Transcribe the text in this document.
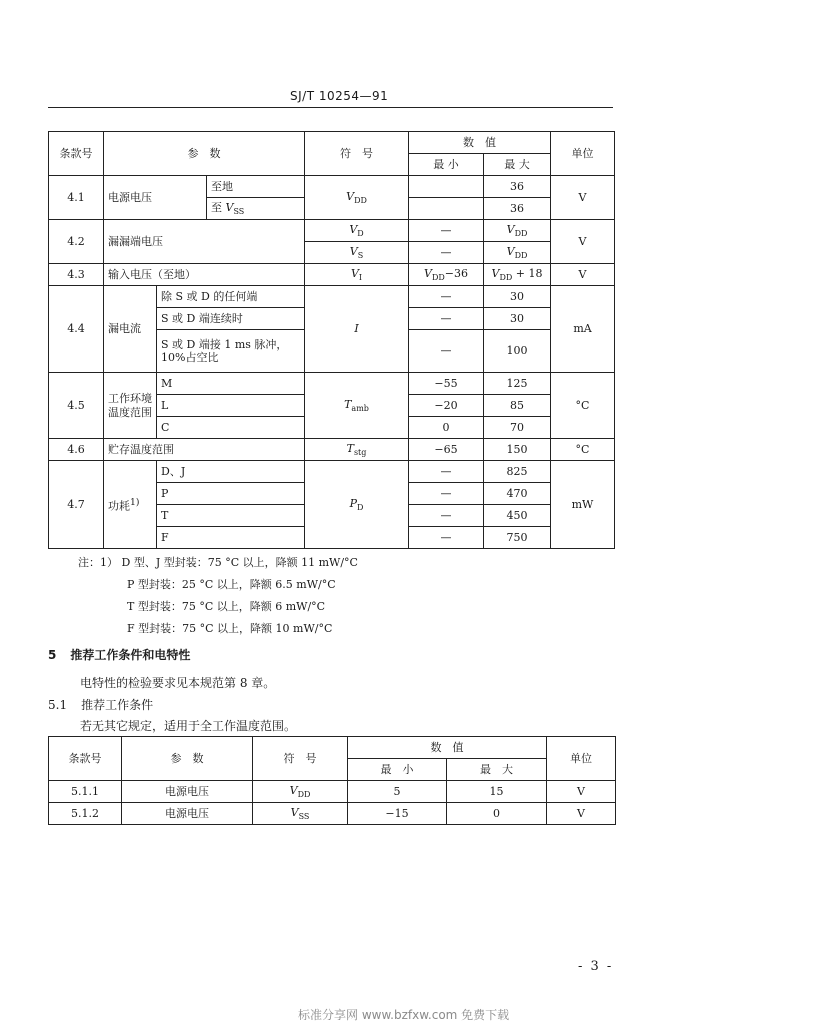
SJ/T 10254—91
条款号	参　数			符　号	数　值		单位
					最 小	最 大	
4.1	电源电压		至地	$V_{DD}$		36	V
			至 $V_{SS}$			36	
4.2	漏漏端电压			$V_D$	—	$V_{DD}$	V
				$V_S$	—	$V_{DD}$
4.3	输入电压（至地）			$V_I$	$V_{DD}-36$	$V_{DD} + 18$	V
4.4	漏电流	除 S 或 D 的任何端		I	—	30	mA
		S 或 D 端连续时			—	30	
		S 或 D 端接 1 ms 脉冲，10%占空比			—	100	
4.5	工作环境温度范围	M		$T_{amb}$	−55	125	°C
		L			−20	85	
		C			0	70	
4.6	贮存温度范围			$T_{stg}$	−65	150	°C
4.7	功耗$^{1)}$	D、J		$P_D$	—	825	mW
		P			—	470	
		T			—	450	
		F			—	750	
注：1） D 型、J 型封装：75 °C 以上，降额 11 mW/°C
P 型封装：25 °C 以上，降额 6.5 mW/°C
T 型封装：75 °C 以上，降额 6 mW/°C
F 型封装：75 °C 以上，降额 10 mW/°C
5 推荐工作条件和电特性
电特性的检验要求见本规范第 8 章。
5.1 推荐工作条件
若无其它规定，适用于全工作温度范围。
条款号	参　数	符　号	数　值		单位
			最　小	最　大	
5.1.1	电源电压	$V_{DD}$	5	15	V
5.1.2	电源电压	$V_{SS}$	−15	0	V
- 3 -
标准分享网 www.bzfxw.com 免费下载
